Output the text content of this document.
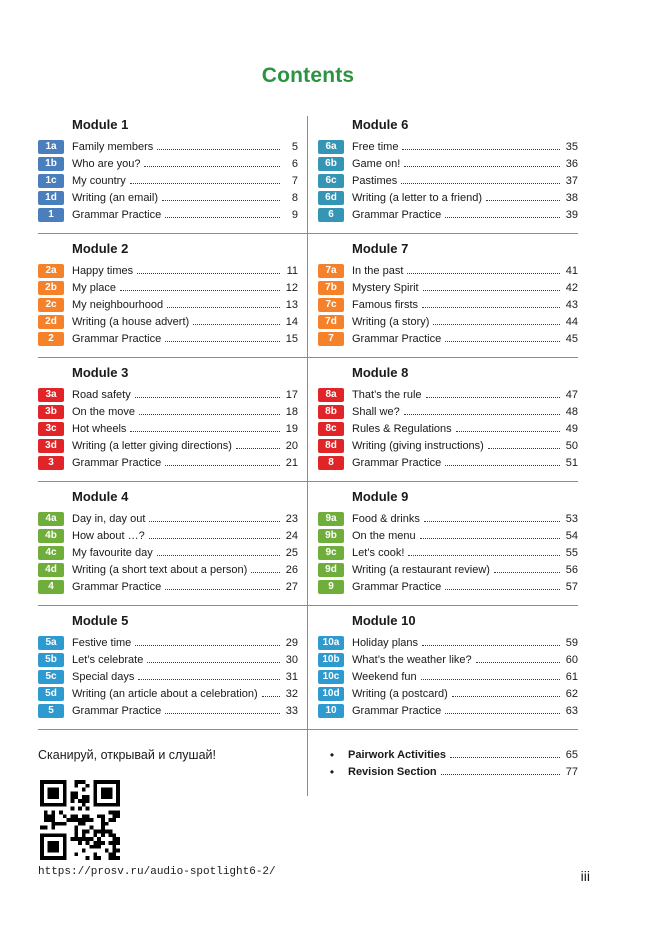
Contents
Module 1
1a	Family members	5
1b	Who are you?	6
1c	My country	7
1d	Writing (an email)	8
1	Grammar Practice	9
Module 6
6a	Free time	35
6b	Game on!	36
6c	Pastimes	37
6d	Writing (a letter to a friend)	38
6	Grammar Practice	39
Module 2
2a	Happy times	11
2b	My place	12
2c	My neighbourhood	13
2d	Writing (a house advert)	14
2	Grammar Practice	15
Module 7
7a	In the past	41
7b	Mystery Spirit	42
7c	Famous firsts	43
7d	Writing (a story)	44
7	Grammar Practice	45
Module 3
3a	Road safety	17
3b	On the move	18
3c	Hot wheels	19
3d	Writing (a letter giving directions)	20
3	Grammar Practice	21
Module 8
8a	That’s the rule	47
8b	Shall we?	48
8c	Rules & Regulations	49
8d	Writing (giving instructions)	50
8	Grammar Practice	51
Module 4
4a	Day in, day out	23
4b	How about …?	24
4c	My favourite day	25
4d	Writing (a short text about a person)	26
4	Grammar Practice	27
Module 9
9a	Food & drinks	53
9b	On the menu	54
9c	Let’s cook!	55
9d	Writing (a restaurant review)	56
9	Grammar Practice	57
Module 5
5a	Festive time	29
5b	Let’s celebrate	30
5c	Special days	31
5d	Writing (an article about a celebration)	32
5	Grammar Practice	33
Module 10
10a	Holiday plans	59
10b	What’s the weather like?	60
10c	Weekend fun	61
10d	Writing (a postcard)	62
10	Grammar Practice	63
Сканируй, открывай и слушай!	•	Pairwork Activities	65
•	Revision Section	77
https://prosv.ru/audio-spotlight6-2/	iii
